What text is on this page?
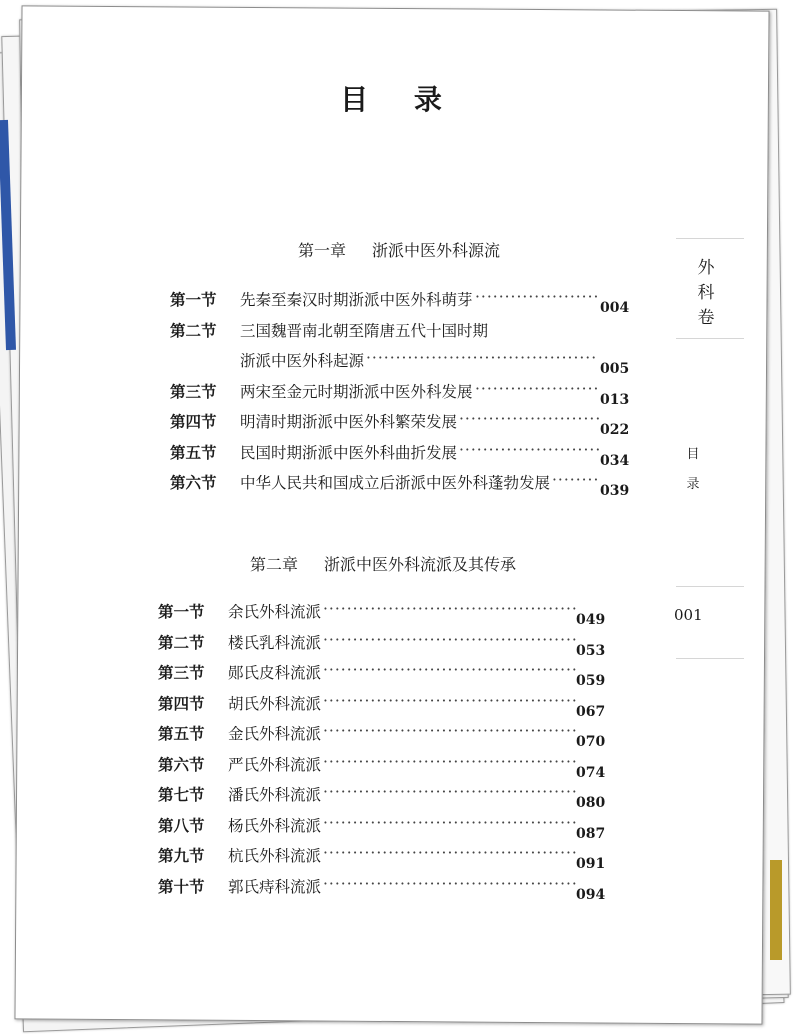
目 录
第一章 浙派中医外科源流
第一节 先秦至秦汉时期浙派中医外科萌芽 ·····················
004
第二节 三国魏晋南北朝至隋唐五代十国时期
浙派中医外科起源 ·······································
005
第三节 两宋至金元时期浙派中医外科发展 ·····················
013
第四节 明清时期浙派中医外科繁荣发展 ························
022
第五节 民国时期浙派中医外科曲折发展 ························
034
第六节 中华人民共和国成立后浙派中医外科蓬勃发展 ········
039
第二章 浙派中医外科流派及其传承
第一节 余氏外科流派 ···········································
049
第二节 楼氏乳科流派 ···········································
053
第三节 郧氏皮科流派 ···········································
059
第四节 胡氏外科流派 ···········································
067
第五节 金氏外科流派 ···········································
070
第六节 严氏外科流派 ···········································
074
第七节 潘氏外科流派 ···········································
080
第八节 杨氏外科流派 ···········································
087
第九节 杭氏外科流派 ···········································
091
第十节 郭氏痔科流派 ···········································
094
外
科
卷
目
录
001
